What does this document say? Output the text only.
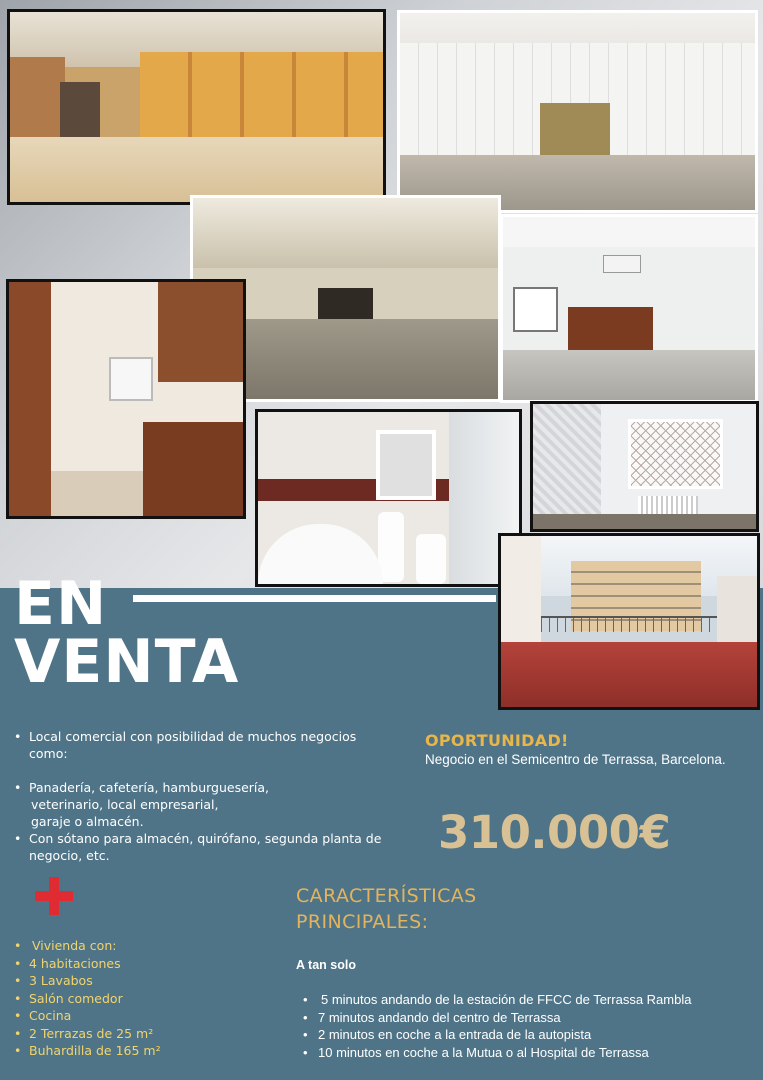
EN
VENTA
• Local comercial con posibilidad de muchos negocios como:
• Panadería, cafetería, hamburguesería,
veterinario, local empresarial,
garaje o almacén.
• Con sótano para almacén, quirófano, segunda planta de
negocio, etc.
• Vivienda con:
• 4 habitaciones
• 3 Lavabos
• Salón comedor
• Cocina
• 2 Terrazas de 25 m²
• Buhardilla de 165 m²
OPORTUNIDAD!
Negocio en el Semicentro de Terrassa, Barcelona.
310.000€
CARACTERÍSTICAS
PRINCIPALES:
A tan solo
• 5 minutos andando de la estación de FFCC de Terrassa Rambla
• 7 minutos andando del centro de Terrassa
• 2 minutos en coche a la entrada de la autopista
• 10 minutos en coche a la Mutua o al Hospital de Terrassa
